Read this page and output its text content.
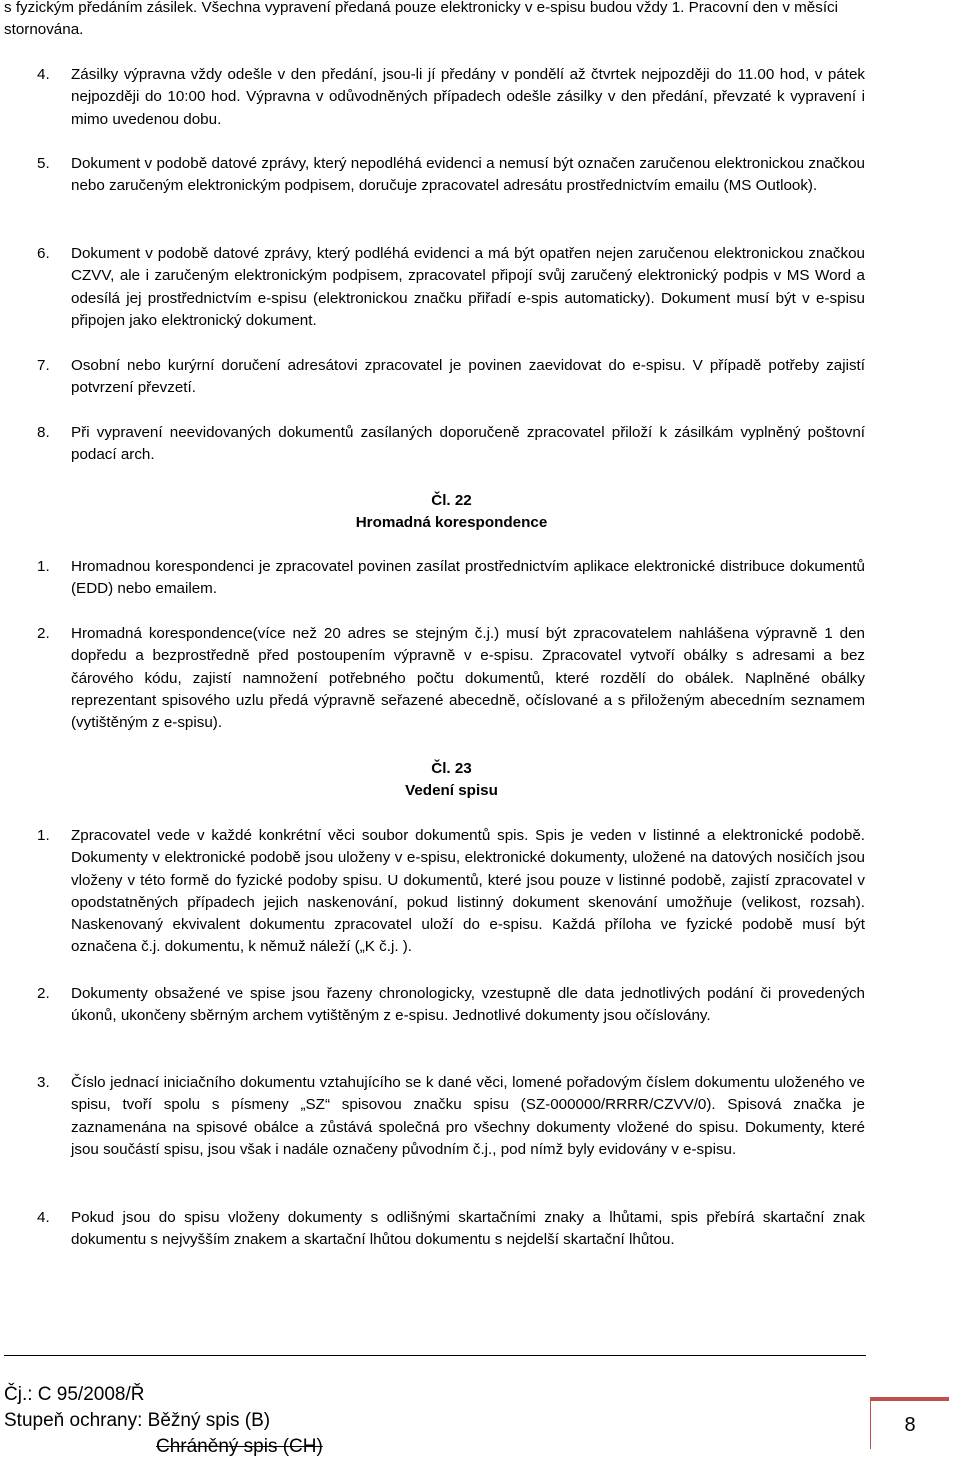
s fyzickým předáním zásilek. Všechna vypravení předaná pouze elektronicky v e-spisu budou vždy 1. Pracovní den v měsíci stornována.

4.	Zásilky výpravna vždy odešle v den předání, jsou-li jí předány v pondělí až čtvrtek nejpozději do 11.00 hod, v pátek nejpozději do 10:00 hod. Výpravna v odůvodněných případech odešle zásilky v den předání, převzaté k vypravení i mimo uvedenou dobu.
5.	Dokument v podobě datové zprávy, který nepodléhá evidenci a nemusí být označen zaručenou elektronickou značkou nebo zaručeným elektronickým podpisem, doručuje zpracovatel adresátu prostřednictvím emailu (MS Outlook).
6.	Dokument v podobě datové zprávy, který podléhá evidenci a má být opatřen nejen zaručenou elektronickou značkou CZVV, ale i zaručeným elektronickým podpisem, zpracovatel připojí svůj zaručený elektronický podpis v MS Word a odesílá jej prostřednictvím e-spisu (elektronickou značku přiřadí e-spis automaticky). Dokument musí být v e-spisu připojen jako elektronický dokument.
7.	Osobní nebo kurýrní doručení adresátovi zpracovatel je povinen zaevidovat do e-spisu. V případě potřeby zajistí potvrzení převzetí.
8.	Při vypravení neevidovaných dokumentů zasílaných doporučeně zpracovatel přiloží k zásilkám vyplněný poštovní podací arch.
Čl. 22
Hromadná korespondence
1.	Hromadnou korespondenci je zpracovatel povinen zasílat prostřednictvím aplikace elektronické distribuce dokumentů (EDD) nebo emailem.
2.	Hromadná korespondence(více než 20 adres se stejným č.j.) musí být zpracovatelem nahlášena výpravně 1 den dopředu a bezprostředně před postoupením výpravně v e-spisu. Zpracovatel vytvoří obálky s adresami a bez čárového kódu, zajistí namnožení potřebného počtu dokumentů, které rozdělí do obálek. Naplněné obálky reprezentant spisového uzlu předá výpravně seřazené abecedně, očíslované a s přiloženým abecedním seznamem (vytištěným z e-spisu).
Čl. 23
Vedení spisu
1.	Zpracovatel vede v každé konkrétní věci soubor dokumentů spis. Spis je veden v listinné a elektronické podobě. Dokumenty v elektronické podobě jsou uloženy v e-spisu, elektronické dokumenty, uložené na datových nosičích jsou vloženy v této formě do fyzické podoby spisu. U dokumentů, které jsou pouze v listinné podobě, zajistí zpracovatel v opodstatněných případech jejich naskenování, pokud listinný dokument skenování umožňuje (velikost, rozsah). Naskenovaný ekvivalent dokumentu zpracovatel uloží do e-spisu. Každá příloha ve fyzické podobě musí být označena č.j. dokumentu, k němuž náleží („K č.j. ).
2.	Dokumenty obsažené ve spise jsou řazeny chronologicky, vzestupně dle data jednotlivých podání či provedených úkonů, ukončeny sběrným archem vytištěným z e-spisu. Jednotlivé dokumenty jsou očíslovány.
3.	Číslo jednací iniciačního dokumentu vztahujícího se k dané věci, lomené pořadovým číslem dokumentu uloženého ve spisu, tvoří spolu s písmeny „SZ“ spisovou značku spisu (SZ-000000/RRRR/CZVV/0). Spisová značka je zaznamenána na spisové obálce a zůstává společná pro všechny dokumenty vložené do spisu. Dokumenty, které jsou součástí spisu, jsou však i nadále označeny původním č.j., pod nímž byly evidovány v e-spisu.
4.	Pokud jsou do spisu vloženy dokumenty s odlišnými skartačními znaky a lhůtami, spis přebírá skartační znak dokumentu s nejvyšším znakem a skartační lhůtou dokumentu s nejdelší skartační lhůtou.
Čj.: C 95/2008/Ř
Stupeň ochrany: Běžný spis (B)
Chráněný spis (CH)
8
